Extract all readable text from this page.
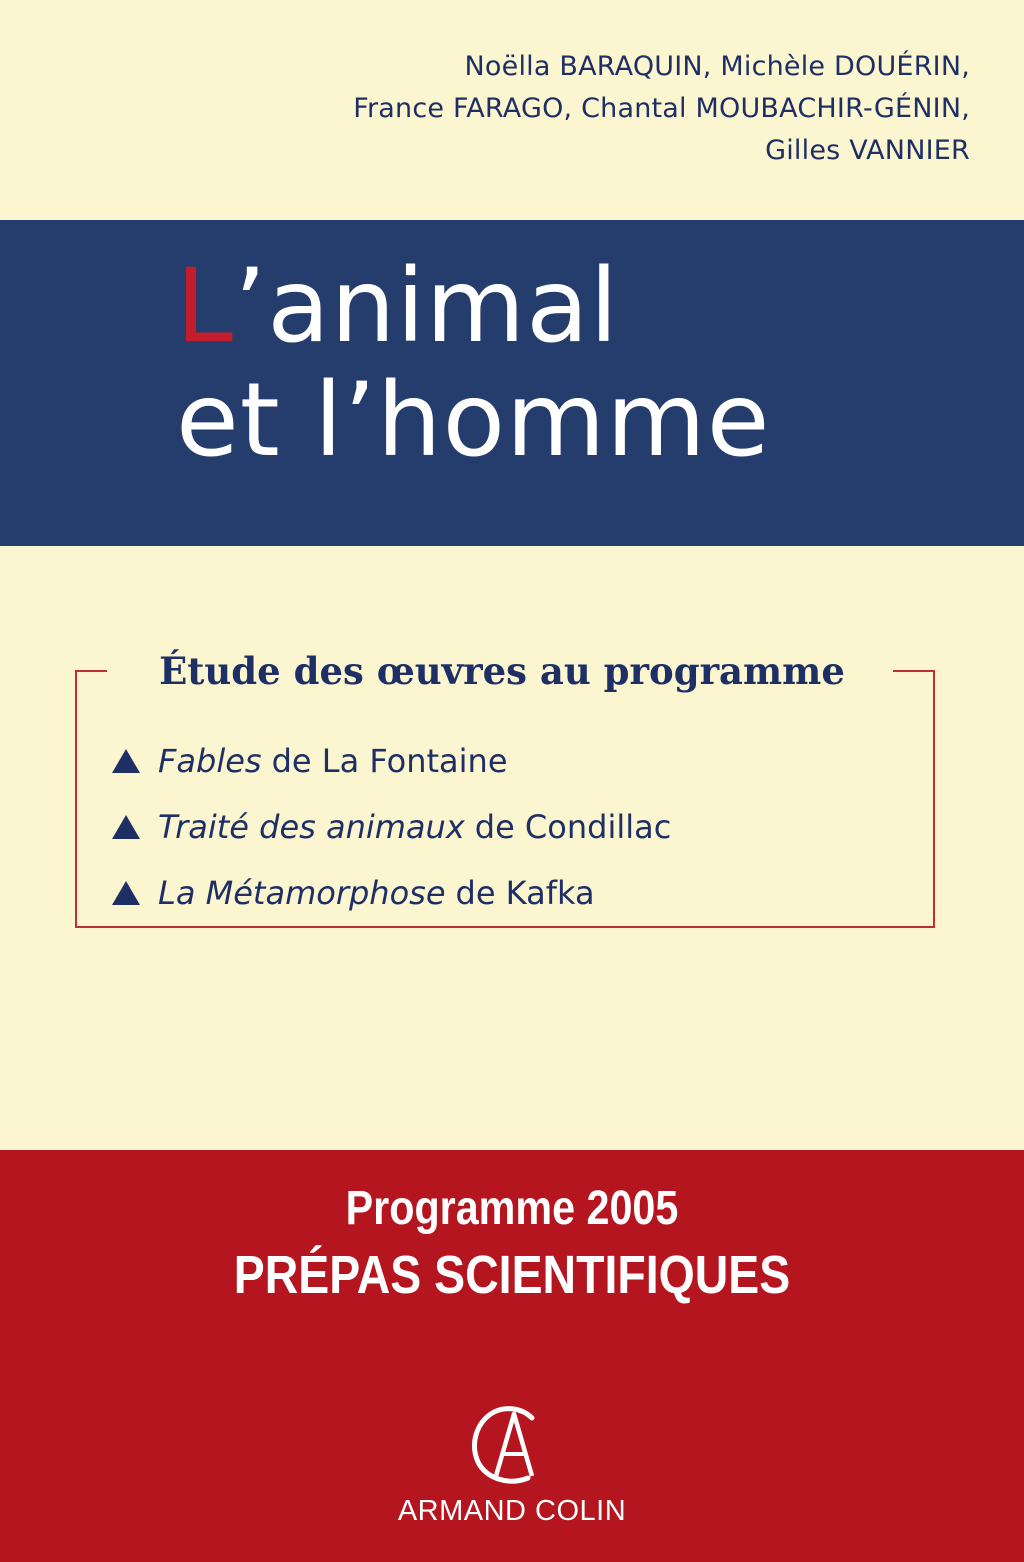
Noëlla BARAQUIN, Michèle DOUÉRIN,
France FARAGO, Chantal MOUBACHIR-GÉNIN,
Gilles VANNIER
L’animal
et l’homme
Étude des œuvres au programme
Fables de La Fontaine
Traité des animaux de Condillac
La Métamorphose de Kafka
Programme 2005
PRÉPAS SCIENTIFIQUES
ARMAND COLIN
